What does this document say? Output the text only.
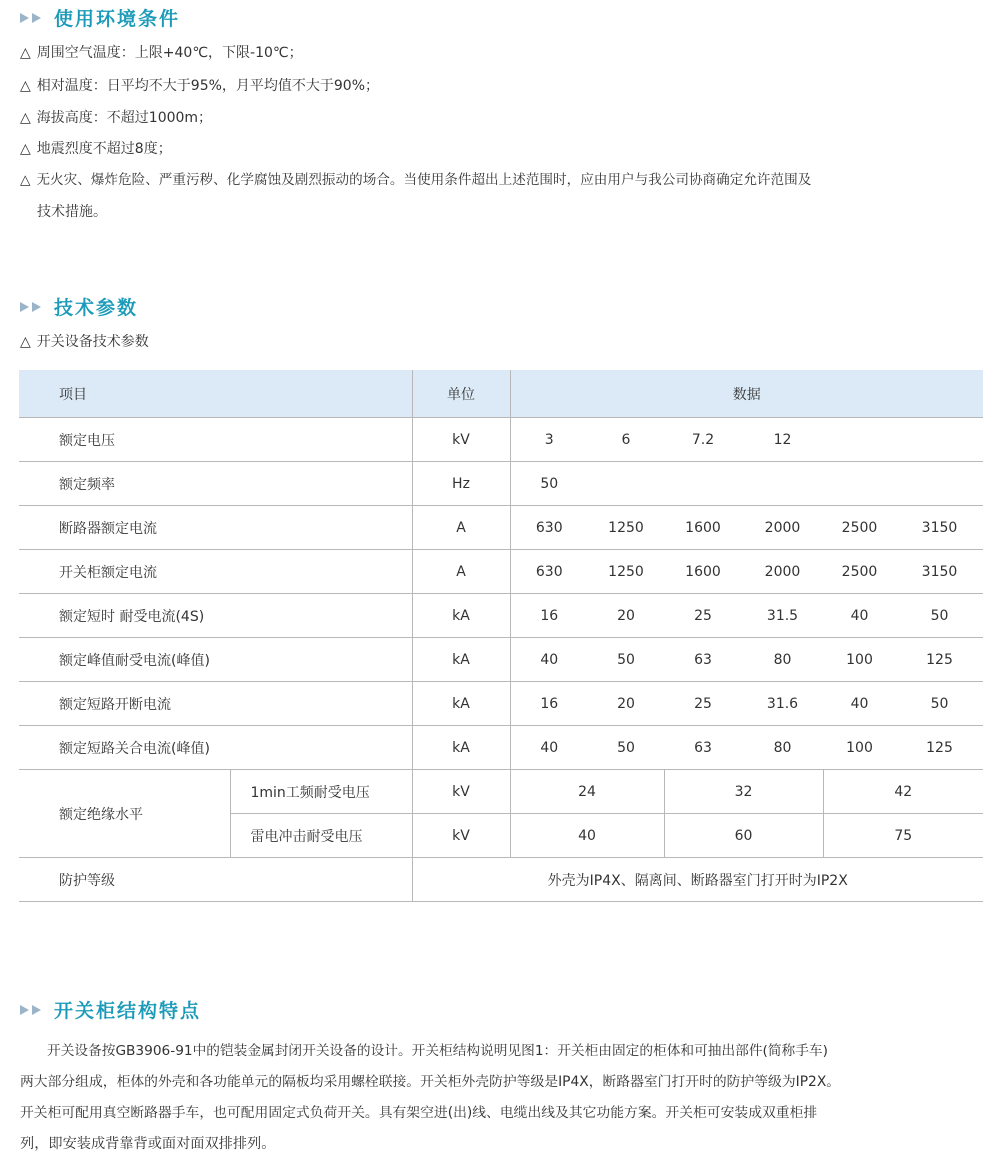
使用环境条件
△ 周围空气温度：上限+40℃，下限-10℃；
△ 相对温度：日平均不大于95%，月平均值不大于90%；
△ 海拔高度：不超过1000m；
△ 地震烈度不超过8度；
△ 无火灾、爆炸危险、严重污秽、化学腐蚀及剧烈振动的场合。当使用条件超出上述范围时，应由用户与我公司协商确定允许范围及
技术措施。
技术参数
△ 开关设备技术参数
项目		单位	数据					
额定电压		kV	3	6	7.2	12		
额定频率		Hz	50					
断路器额定电流		A	630	1250	1600	2000	2500	3150
开关柜额定电流		A	630	1250	1600	2000	2500	3150
额定短时 耐受电流(4S)		kA	16	20	25	31.5	40	50
额定峰值耐受电流(峰值)		kA	40	50	63	80	100	125
额定短路开断电流		kA	16	20	25	31.6	40	50
额定短路关合电流(峰值)		kA	40	50	63	80	100	125
额定绝缘水平	1min工频耐受电压	kV	24		32		42	
	雷电冲击耐受电压	kV	40		60		75	
防护等级		外壳为IP4X、隔离间、断路器室门打开时为IP2X						
开关柜结构特点
开关设备按GB3906-91中的铠装金属封闭开关设备的设计。开关柜结构说明见图1：开关柜由固定的柜体和可抽出部件(简称手车)
两大部分组成，柜体的外壳和各功能单元的隔板均采用螺栓联接。开关柜外壳防护等级是IP4X，断路器室门打开时的防护等级为IP2X。
开关柜可配用真空断路器手车，也可配用固定式负荷开关。具有架空进(出)线、电缆出线及其它功能方案。开关柜可安装成双重柜排
列，即安装成背靠背或面对面双排排列。
